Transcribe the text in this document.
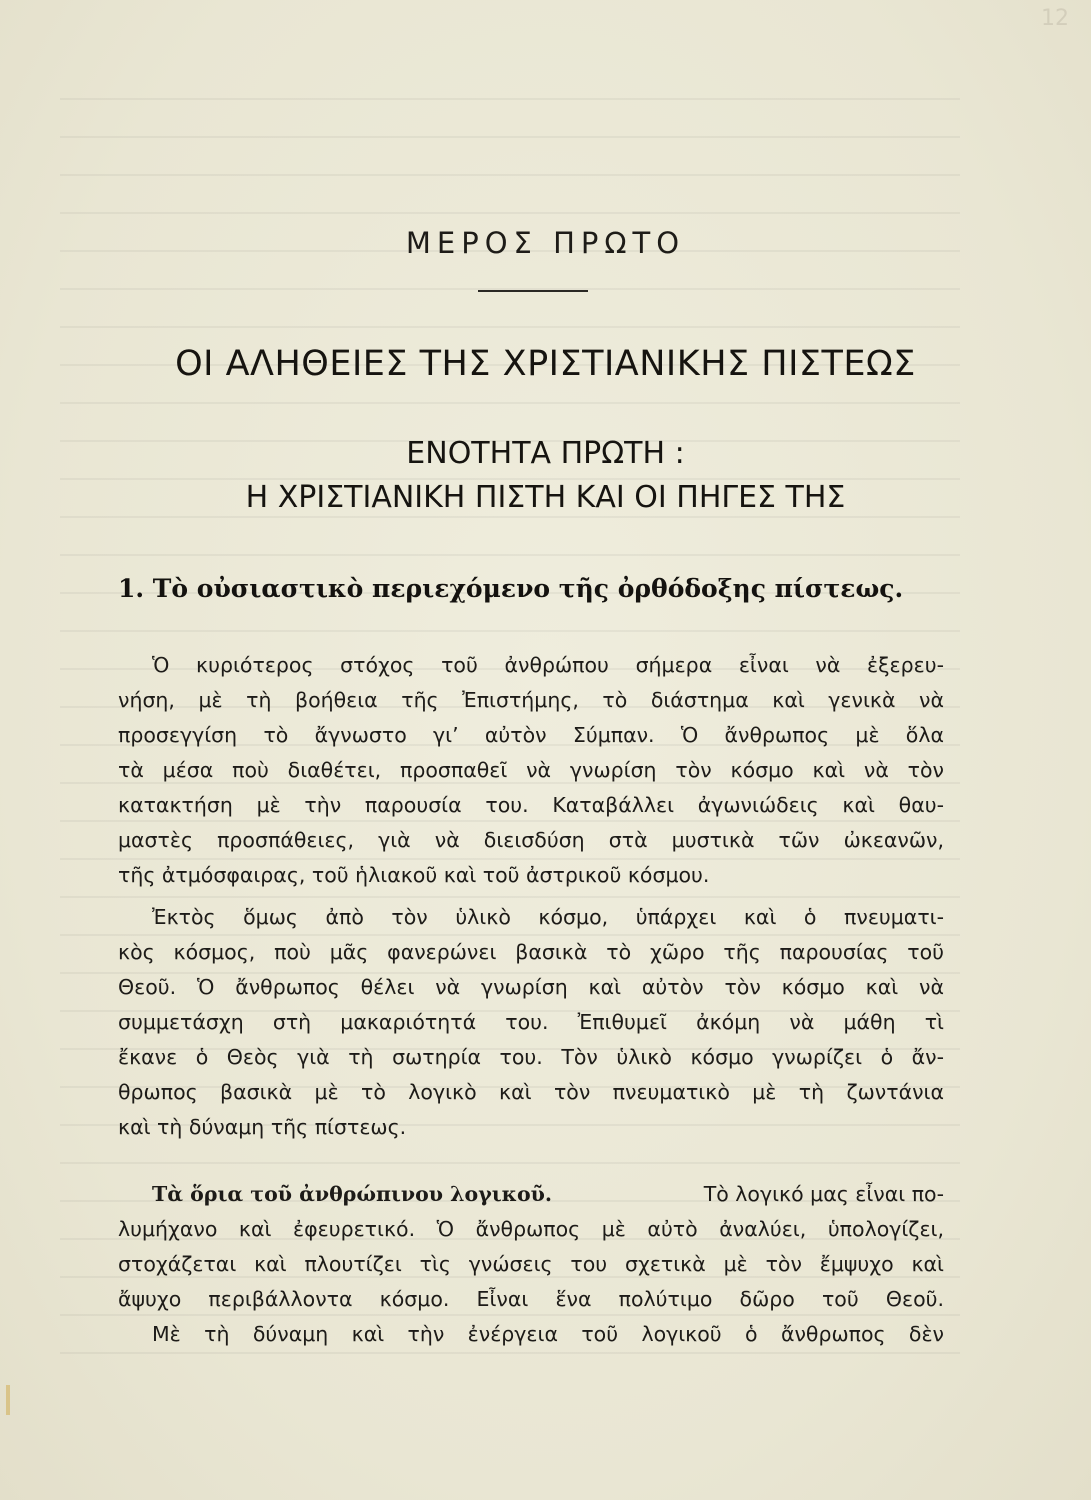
12
ΜΕΡΟΣ ΠΡΩΤΟ
ΟΙ ΑΛΗΘΕΙΕΣ ΤΗΣ ΧΡΙΣΤΙΑΝΙΚΗΣ ΠΙΣΤΕΩΣ
ΕΝΟΤΗΤΑ ΠΡΩΤΗ :
Η ΧΡΙΣΤΙΑΝΙΚΗ ΠΙΣΤΗ ΚΑΙ ΟΙ ΠΗΓΕΣ ΤΗΣ
1. Τὸ οὐσιαστικὸ περιεχόμενο τῆς ὀρθόδοξης πίστεως.
Ὁ κυριότερος στόχος τοῦ ἀνθρώπου σήμερα εἶναι νὰ ἐξερευ-
νήση, μὲ τὴ βοήθεια τῆς Ἐπιστήμης, τὸ διάστημα καὶ γενικὰ νὰ
προσεγγίση τὸ ἄγνωστο γι’ αὐτὸν Σύμπαν. Ὁ ἄνθρωπος μὲ ὅλα
τὰ μέσα ποὺ διαθέτει, προσπαθεῖ νὰ γνωρίση τὸν κόσμο καὶ νὰ τὸν
κατακτήση μὲ τὴν παρουσία του. Καταβάλλει ἀγωνιώδεις καὶ θαυ-
μαστὲς προσπάθειες, γιὰ νὰ διεισδύση στὰ μυστικὰ τῶν ὠκεανῶν,
τῆς ἀτμόσφαιρας, τοῦ ἡλιακοῦ καὶ τοῦ ἀστρικοῦ κόσμου.
Ἐκτὸς ὅμως ἀπὸ τὸν ὑλικὸ κόσμο, ὑπάρχει καὶ ὁ πνευματι-
κὸς κόσμος, ποὺ μᾶς φανερώνει βασικὰ τὸ χῶρο τῆς παρουσίας τοῦ
Θεοῦ. Ὁ ἄνθρωπος θέλει νὰ γνωρίση καὶ αὐτὸν τὸν κόσμο καὶ νὰ
συμμετάσχη στὴ μακαριότητά του. Ἐπιθυμεῖ ἀκόμη νὰ μάθη τὶ
ἔκανε ὁ Θεὸς γιὰ τὴ σωτηρία του. Τὸν ὑλικὸ κόσμο γνωρίζει ὁ ἄν-
θρωπος βασικὰ μὲ τὸ λογικὸ καὶ τὸν πνευματικὸ μὲ τὴ ζωντάνια
καὶ τὴ δύναμη τῆς πίστεως.
Τὰ ὅρια τοῦ ἀνθρώπινου λογικοῦ.	Τὸ λογικό μας εἶναι πο-
λυμήχανο καὶ ἐφευρετικό. Ὁ ἄνθρωπος μὲ αὐτὸ ἀναλύει, ὑπολογίζει,
στοχάζεται καὶ πλουτίζει τὶς γνώσεις του σχετικὰ μὲ τὸν ἔμψυχο καὶ
ἄψυχο περιβάλλοντα κόσμο. Εἶναι ἕνα πολύτιμο δῶρο τοῦ Θεοῦ.
Μὲ τὴ δύναμη καὶ τὴν ἐνέργεια τοῦ λογικοῦ ὁ ἄνθρωπος δὲν
